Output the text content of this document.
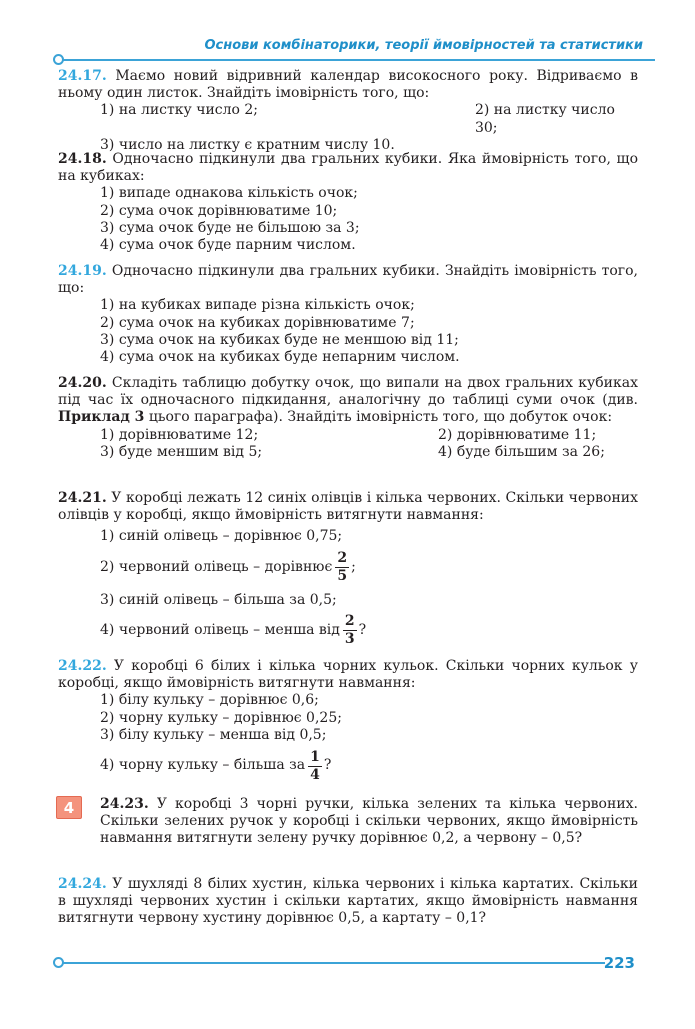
Основи комбінаторики, теорії ймовірностей та статистики

24.17. Маємо новий відривний календар високосного року. Відриваємо в ньому один листок. Знайдіть імовірність того, що:

1) на листку число 2;	2) на листку число 30;
3) число на листку є кратним числу 10.

24.18. Одночасно підкинули два гральних кубики. Яка ймовірність того, що на кубиках:

1) випаде однакова кількість очок;
2) сума очок дорівнюватиме 10;
3) сума очок буде не більшою за 3;
4) сума очок буде парним числом.

24.19. Одночасно підкинули два гральних кубики. Знайдіть імовірність того, що:

1) на кубиках випаде різна кількість очок;
2) сума очок на кубиках дорівнюватиме 7;
3) сума очок на кубиках буде не меншою від 11;
4) сума очок на кубиках буде непарним числом.

24.20. Складіть таблицю добутку очок, що випали на двох гральних кубиках під час їх одночасного підкидання, аналогічну до таблиці суми очок (див. Приклад 3 цього параграфа). Знайдіть імовірність того, що добуток очок:

1) дорівнюватиме 12;	2) дорівнюватиме 11;
3) буде меншим від 5;	4) буде більшим за 26;

24.21. У коробці лежать 12 синіх олівців і кілька червоних. Скільки червоних олівців у коробці, якщо ймовірність витягнути навмання:

1) синій олівець – дорівнює 0,75;
2) червоний олівець – дорівнює $\frac{2}{5}$ ;
3) синій олівець – більша за 0,5;
4) червоний олівець – менша від $\frac{2}{3}$ ?

24.22. У коробці 6 білих і кілька чорних кульок. Скільки чорних кульок у коробці, якщо ймовірність витягнути навмання:

1) білу кульку – дорівнює 0,6;
2) чорну кульку – дорівнює 0,25;
3) білу кульку – менша від 0,5;
4) чорну кульку – більша за $\frac{1}{4}$ ?
4	24.23. У коробці 3 чорні ручки, кілька зелених та кілька червоних. Скільки зелених ручок у коробці і скільки червоних, якщо ймовірність навмання витягнути зелену ручку дорівнює 0,2, а червону – 0,5?

24.24. У шухляді 8 білих хустин, кілька червоних і кілька картатих. Скільки в шухляді червоних хустин і скільки картатих, якщо ймовірність навмання витягнути червону хустину дорівнює 0,5, а картату – 0,1?

223
